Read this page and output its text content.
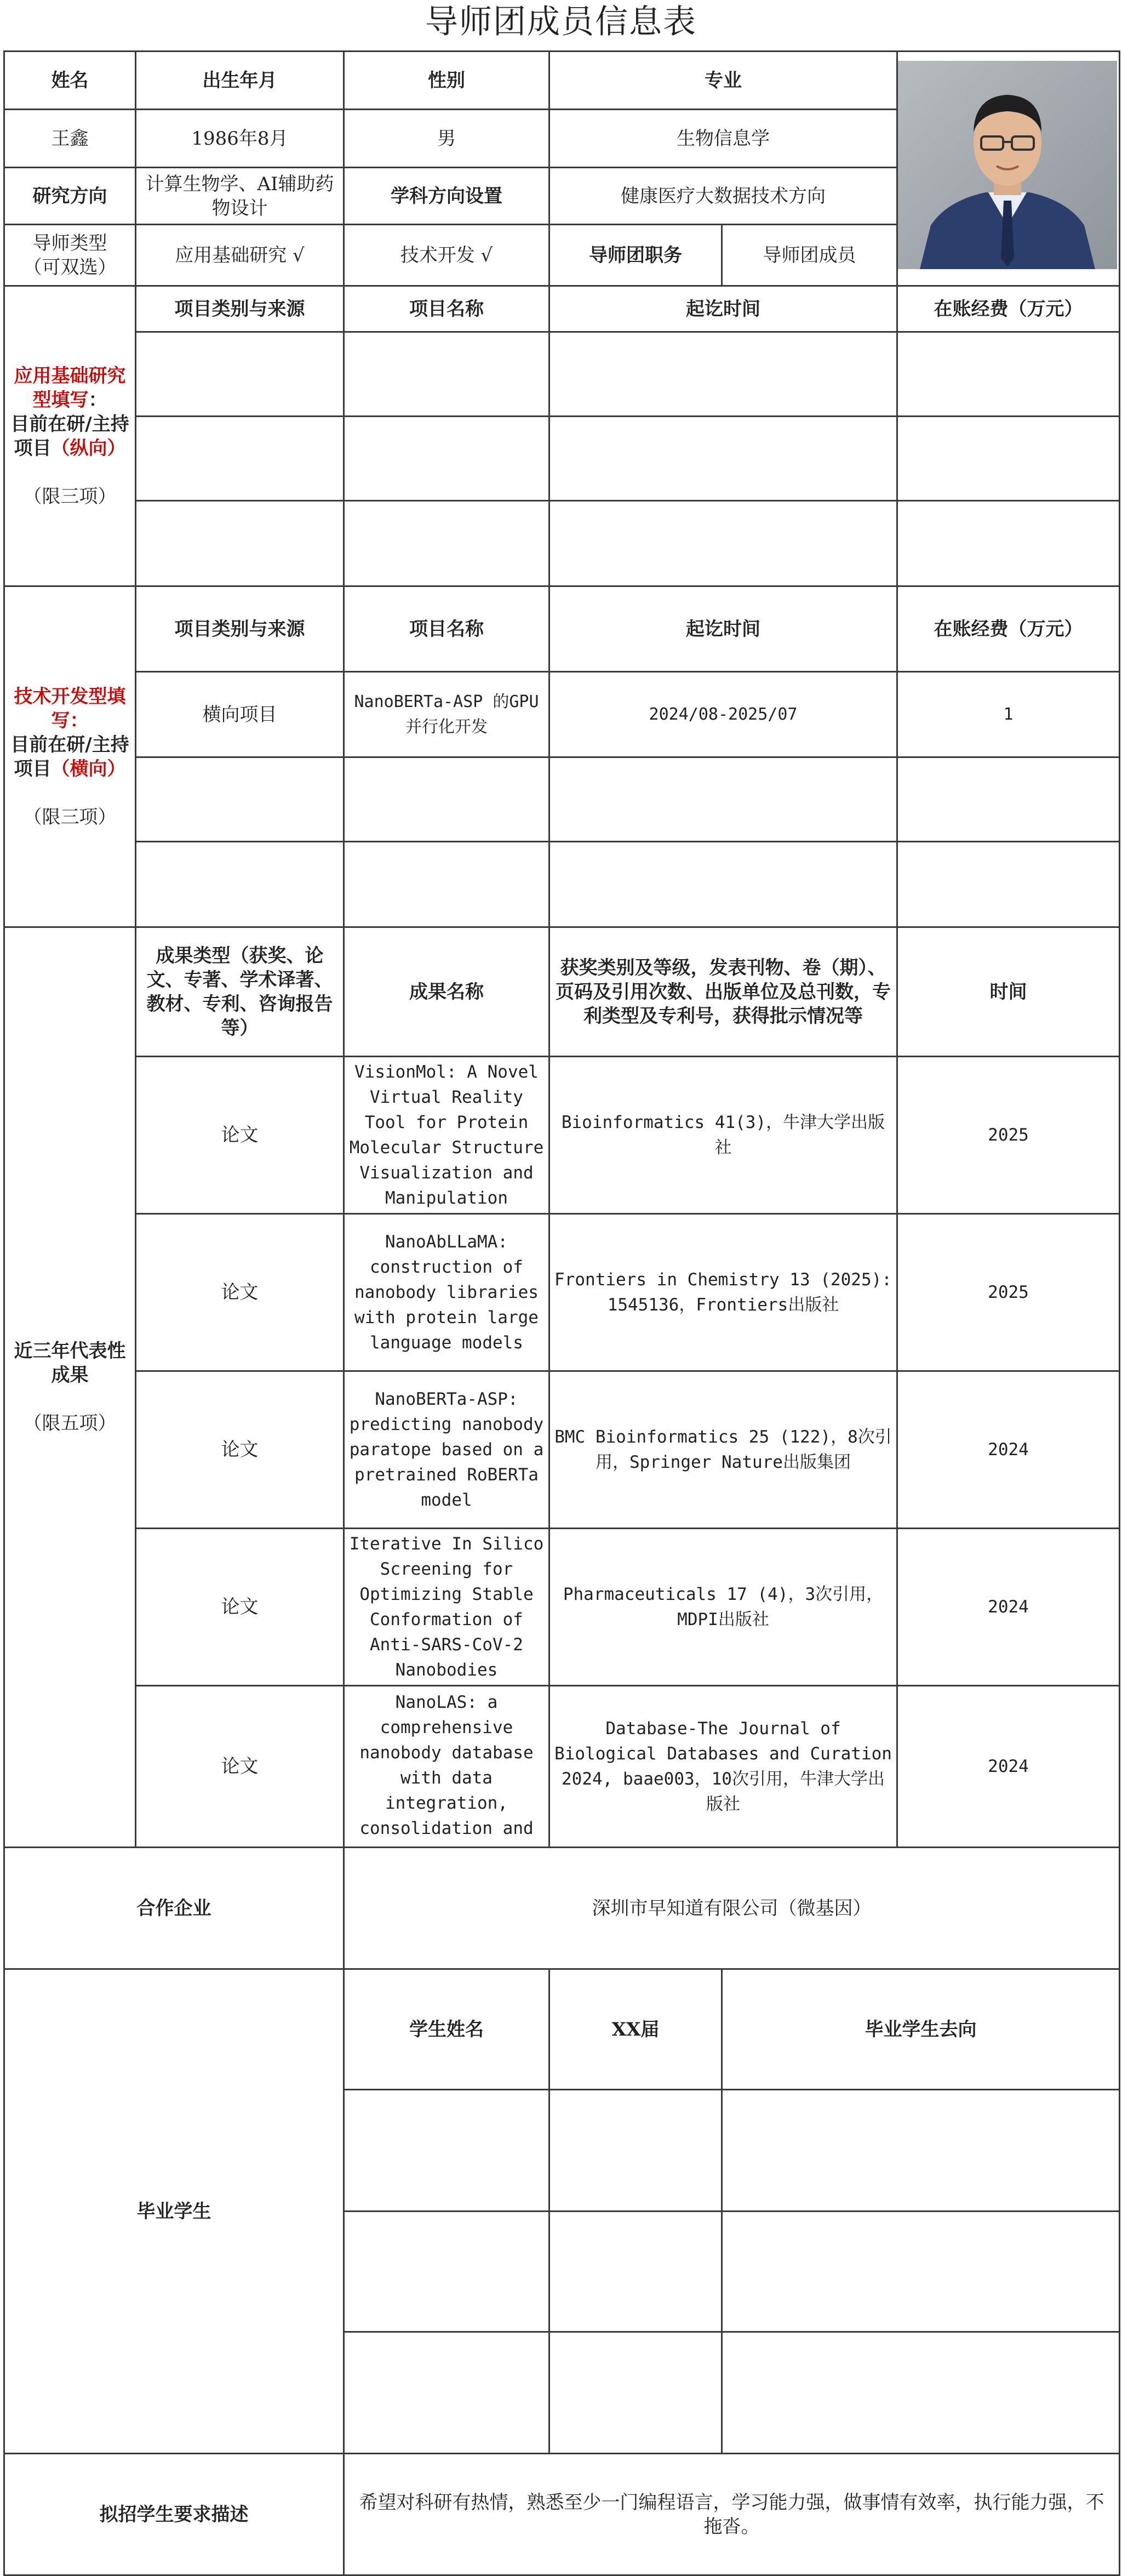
导师团成员信息表
姓名	出生年月	性别	专业	

王鑫	1986年8月	男	生物信息学		
研究方向	计算生物学、AI辅助药物设计	学科方向设置	健康医疗大数据技术方向		

导师类型
（可双选）	应用基础研究 √	技术开发 √	导师团职务	导师团成员	

应用基础研究型填写：

目前在研/主持项目（纵向）

（限三项）	项目类别与来源	项目名称	起讫时间		在账经费（万元）

技术开发型填写：

目前在研/主持项目（横向）

（限三项）	项目类别与来源	项目名称	起讫时间		在账经费（万元）
	横向项目	NanoBERTa-ASP 的GPU并行化开发	2024/08-2025/07		1

近三年代表性成果

（限五项）	成果类型（获奖、论文、专著、学术译著、教材、专利、咨询报告等）	成果名称	获奖类别及等级，发表刊物、卷（期）、页码及引用次数、出版单位及总刊数，专利类型及专利号，获得批示情况等		时间
	论文	VisionMol: A Novel Virtual Reality Tool for Protein Molecular Structure Visualization and Manipulation	Bioinformatics 41(3)，牛津大学出版社		2025
	论文	NanoAbLLaMA: construction of nanobody libraries with protein large language models	Frontiers in Chemistry 13 (2025): 1545136，Frontiers出版社		2025
	论文	NanoBERTa-ASP: predicting nanobody paratope based on a pretrained RoBERTa model	BMC Bioinformatics 25 (122)，8次引用，Springer Nature出版集团		2024
	论文	Iterative In Silico Screening for Optimizing Stable Conformation of Anti-SARS-CoV-2 Nanobodies	Pharmaceuticals 17 (4)，3次引用，MDPI出版社		2024
	论文	NanoLAS: a comprehensive nanobody database with data integration, consolidation and	Database-The Journal of Biological Databases and Curation 2024, baae003，10次引用，牛津大学出版社		2024
合作企业		深圳市早知道有限公司（微基因）			
毕业学生		学生姓名	XX届	毕业学生去向	

拟招学生要求描述		希望对科研有热情，熟悉至少一门编程语言，学习能力强，做事情有效率，执行能力强，不拖沓。			
